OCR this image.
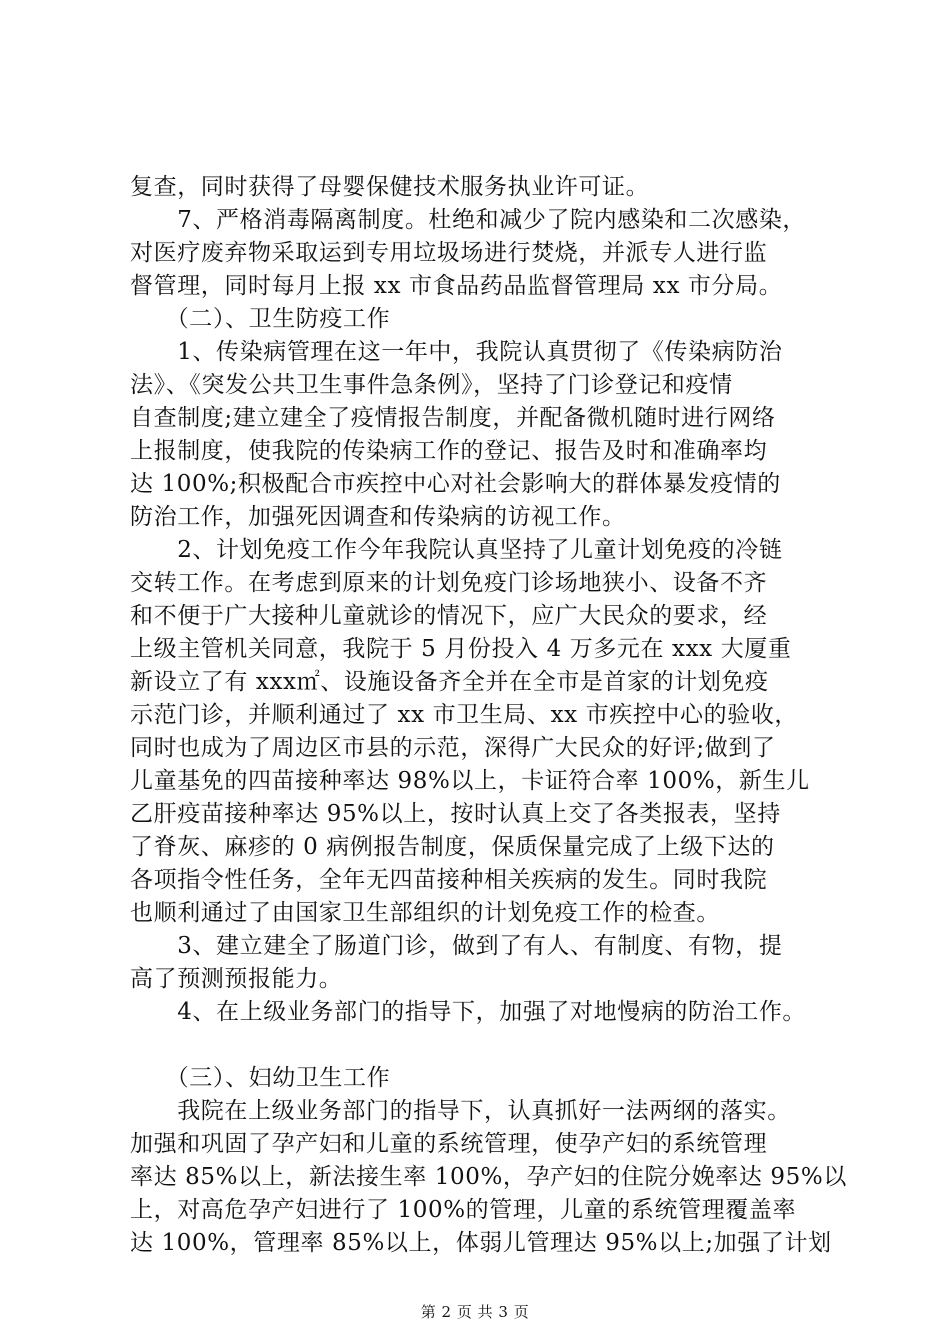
复查，同时获得了母婴保健技术服务执业许可证。
　　7、严格消毒隔离制度。杜绝和减少了院内感染和二次感染，
对医疗废弃物采取运到专用垃圾场进行焚烧，并派专人进行监
督管理，同时每月上报 xx 市食品药品监督管理局 xx 市分局。
　　（二）、卫生防疫工作
　　1、传染病管理在这一年中，我院认真贯彻了《传染病防治
法》、《突发公共卫生事件急条例》，坚持了门诊登记和疫情
自查制度;建立建全了疫情报告制度，并配备微机随时进行网络
上报制度，使我院的传染病工作的登记、报告及时和准确率均
达 100%;积极配合市疾控中心对社会影响大的群体暴发疫情的
防治工作，加强死因调查和传染病的访视工作。
　　2、计划免疫工作今年我院认真坚持了儿童计划免疫的冷链
交转工作。在考虑到原来的计划免疫门诊场地狭小、设备不齐
和不便于广大接种儿童就诊的情况下，应广大民众的要求，经
上级主管机关同意，我院于 5 月份投入 4 万多元在 xxx 大厦重
新设立了有 xxx㎡、设施设备齐全并在全市是首家的计划免疫
示范门诊，并顺利通过了 xx 市卫生局、xx 市疾控中心的验收，
同时也成为了周边区市县的示范，深得广大民众的好评;做到了
儿童基免的四苗接种率达 98%以上，卡证符合率 100%，新生儿
乙肝疫苗接种率达 95%以上，按时认真上交了各类报表，坚持
了脊灰、麻疹的 0 病例报告制度，保质保量完成了上级下达的
各项指令性任务，全年无四苗接种相关疾病的发生。同时我院
也顺利通过了由国家卫生部组织的计划免疫工作的检查。
　　3、建立建全了肠道门诊，做到了有人、有制度、有物，提
高了预测预报能力。
　　4、在上级业务部门的指导下，加强了对地慢病的防治工作。
　　（三）、妇幼卫生工作
　　我院在上级业务部门的指导下，认真抓好一法两纲的落实。
加强和巩固了孕产妇和儿童的系统管理，使孕产妇的系统管理
率达 85%以上，新法接生率 100%，孕产妇的住院分娩率达 95%以
上，对高危孕产妇进行了 100%的管理，儿童的系统管理覆盖率
达 100%，管理率 85%以上，体弱儿管理达 95%以上;加强了计划
第 2 页 共 3 页
